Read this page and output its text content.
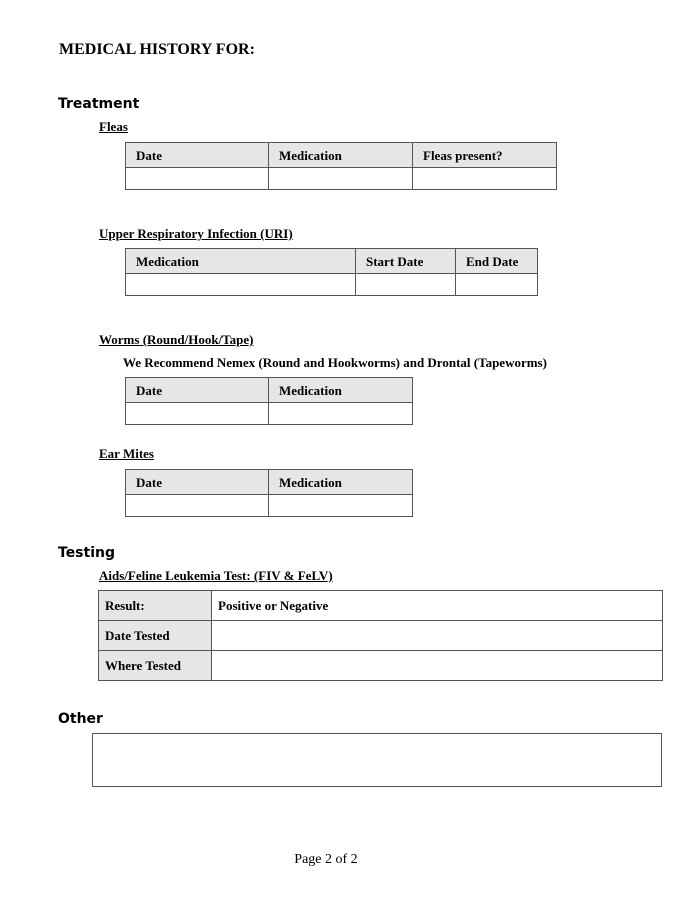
MEDICAL HISTORY FOR:
Treatment
Fleas
Date	Medication	Fleas present?

Upper Respiratory Infection (URI)
Medication	Start Date	End Date

Worms (Round/Hook/Tape)
We Recommend Nemex (Round and Hookworms) and Drontal (Tapeworms)
Date	Medication

Ear Mites
Date	Medication

Testing
Aids/Feline Leukemia Test: (FIV & FeLV)
Result:	Positive or Negative
Date Tested	
Where Tested	
Other
Page 2 of 2
